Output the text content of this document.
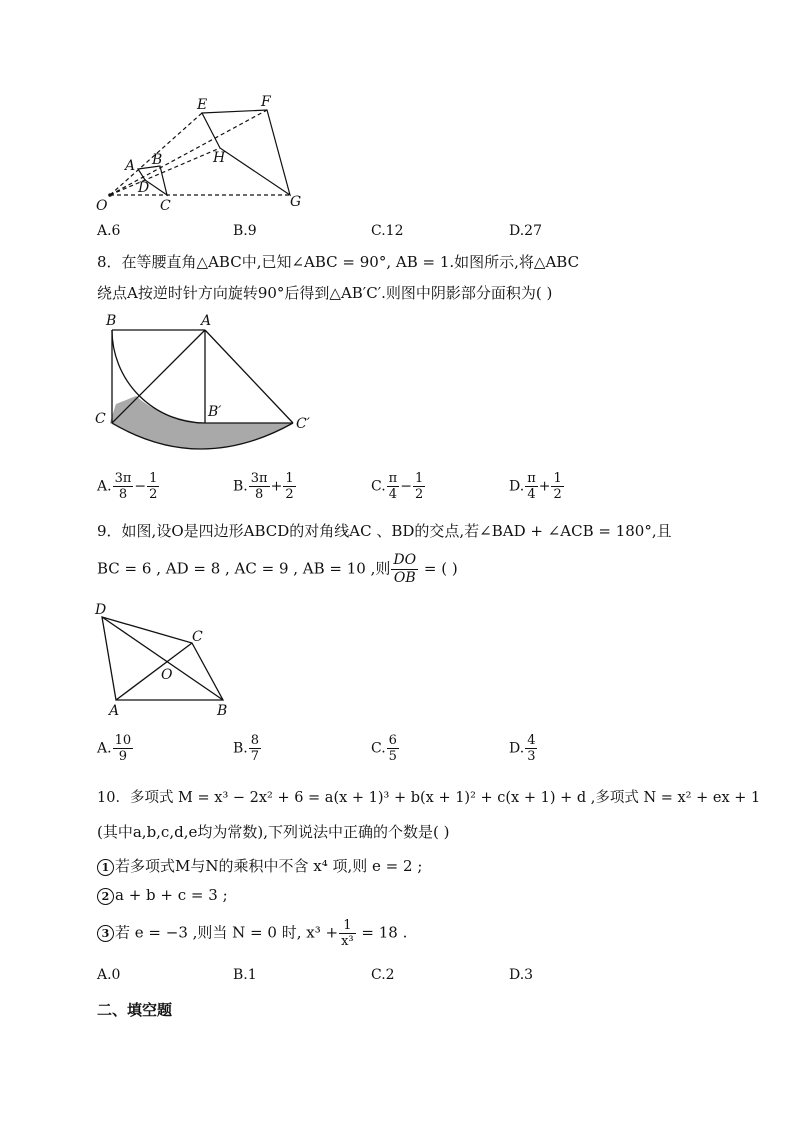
E	F
H
A B
D
O	C	G
A.6	B.9	C.12	D.27
8．在等腰直角△ABC中,已知∠ABC = 90°, AB = 1.如图所示,将△ABC
绕点A按逆时针方向旋转90°后得到△AB′C′.则图中阴影部分面积为( )
B	A
C	B′
C′
A. $\frac{3\pi}{8} - \frac{1}{2}$	B. $\frac{3\pi}{8} + \frac{1}{2}$	C. $\frac{\pi}{4} - \frac{1}{2}$	D. $\frac{\pi}{4} + \frac{1}{2}$
9．如图,设O是四边形ABCD的对角线AC 、BD的交点,若∠BAD + ∠ACB = 180°,且
BC = 6 , AD = 8 , AC = 9 , AB = 10 ,则 $\frac{DO}{OB}$ = ( )
D
C
O
A	B
A. $\frac{10}{9}$	B. $\frac{8}{7}$	C. $\frac{6}{5}$	D. $\frac{4}{3}$
10．多项式 M = x³ − 2x² + 6 = a(x + 1)³ + b(x + 1)² + c(x + 1) + d ,多项式 N = x² + ex + 1
(其中a,b,c,d,e均为常数),下列说法中正确的个数是( )
1 若多项式M与N的乘积中不含 x⁴ 项,则 e = 2 ;
2 a + b + c = 3 ;
3 若 e = −3 ,则当 N = 0 时, $x^3 + \frac{1}{\text{x³}} = 18$ .
A.0	B.1	C.2	D.3
二、填空题
